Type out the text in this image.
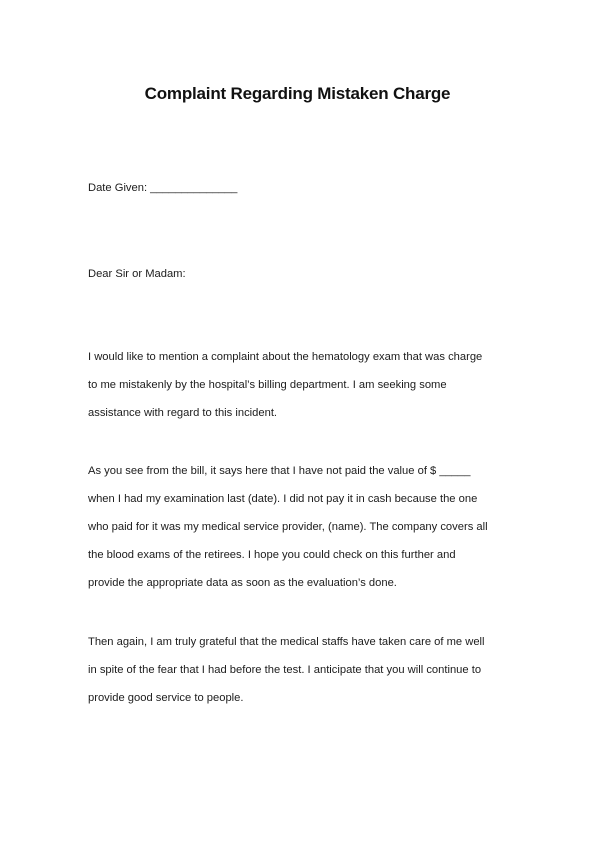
Complaint Regarding Mistaken Charge
Date Given: ______________
Dear Sir or Madam:
I would like to mention a complaint about the hematology exam that was charge
to me mistakenly by the hospital’s billing department. I am seeking some
assistance with regard to this incident.
As you see from the bill, it says here that I have not paid the value of $ _____
when I had my examination last (date). I did not pay it in cash because the one
who paid for it was my medical service provider, (name). The company covers all
the blood exams of the retirees. I hope you could check on this further and
provide the appropriate data as soon as the evaluation’s done.
Then again, I am truly grateful that the medical staffs have taken care of me well
in spite of the fear that I had before the test. I anticipate that you will continue to
provide good service to people.
